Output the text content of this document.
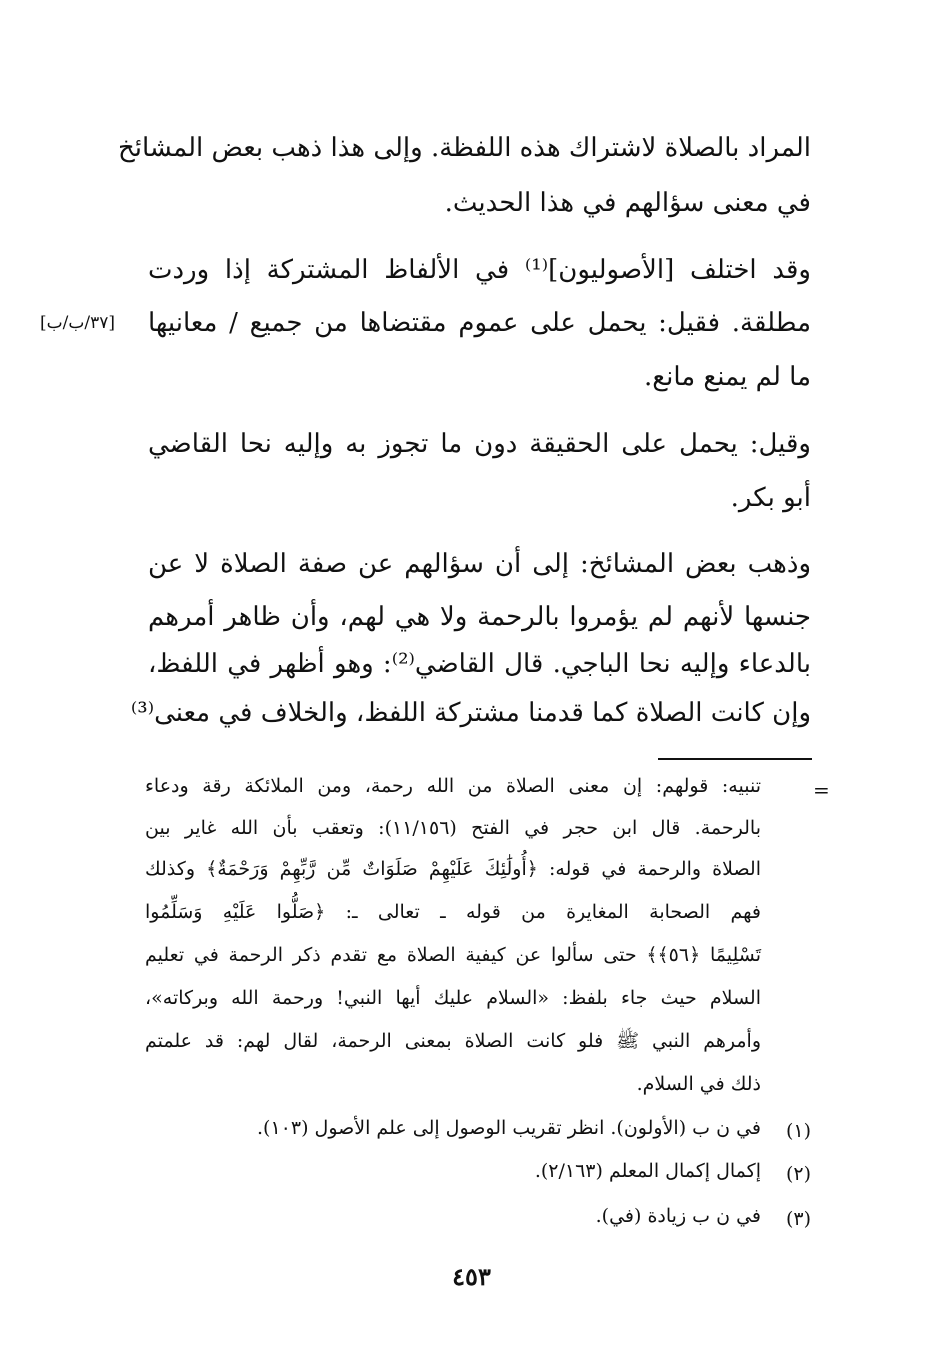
المراد بالصلاة لاشتراك هذه اللفظة. وإلى هذا ذهب بعض المشائخ
في معنى سؤالهم في هذا الحديث.
وقد اختلف [الأصوليون]⁽¹⁾ في الألفاظ المشتركة إذا وردت
مطلقة. فقيل: يحمل على عموم مقتضاها من جميع / معانيها
[٣٧/ب/ب]
ما لم يمنع مانع.
وقيل: يحمل على الحقيقة دون ما تجوز به وإليه نحا القاضي
أبو بكر.
وذهب بعض المشائخ: إلى أن سؤالهم عن صفة الصلاة لا عن
جنسها لأنهم لم يؤمروا بالرحمة ولا هي لهم، وأن ظاهر أمرهم
بالدعاء وإليه نحا الباجي. قال القاضي⁽²⁾: وهو أظهر في اللفظ،
وإن كانت الصلاة كما قدمنا مشتركة اللفظ، والخلاف في معنى⁽³⁾
=
تنبيه: قولهم: إن معنى الصلاة من الله رحمة، ومن الملائكة رقة ودعاء
بالرحمة. قال ابن حجر في الفتح (١١/١٥٦): وتعقب بأن الله غاير بين
الصلاة والرحمة في قوله: ﴿أُولَٰئِكَ عَلَيْهِمْ صَلَوَاتٌ مِّن رَّبِّهِمْ وَرَحْمَةٌ﴾ وكذلك
فهم الصحابة المغايرة من قوله ـ تعالى ـ: ﴿صَلُّوا عَلَيْهِ وَسَلِّمُوا
تَسْلِيمًا ﴿٥٦﴾﴾ حتى سألوا عن كيفية الصلاة مع تقدم ذكر الرحمة في تعليم
السلام حيث جاء بلفظ: «السلام عليك أيها النبي! ورحمة الله وبركاته»،
وأمرهم النبي ﷺ فلو كانت الصلاة بمعنى الرحمة، لقال لهم: قد علمتم
ذلك في السلام.
(١)
في ن ب (الأولون). انظر تقريب الوصول إلى علم الأصول (١٠٣).
(٢)
إكمال إكمال المعلم (٢/١٦٣).
(٣)
في ن ب زيادة (في).
٤٥٣
